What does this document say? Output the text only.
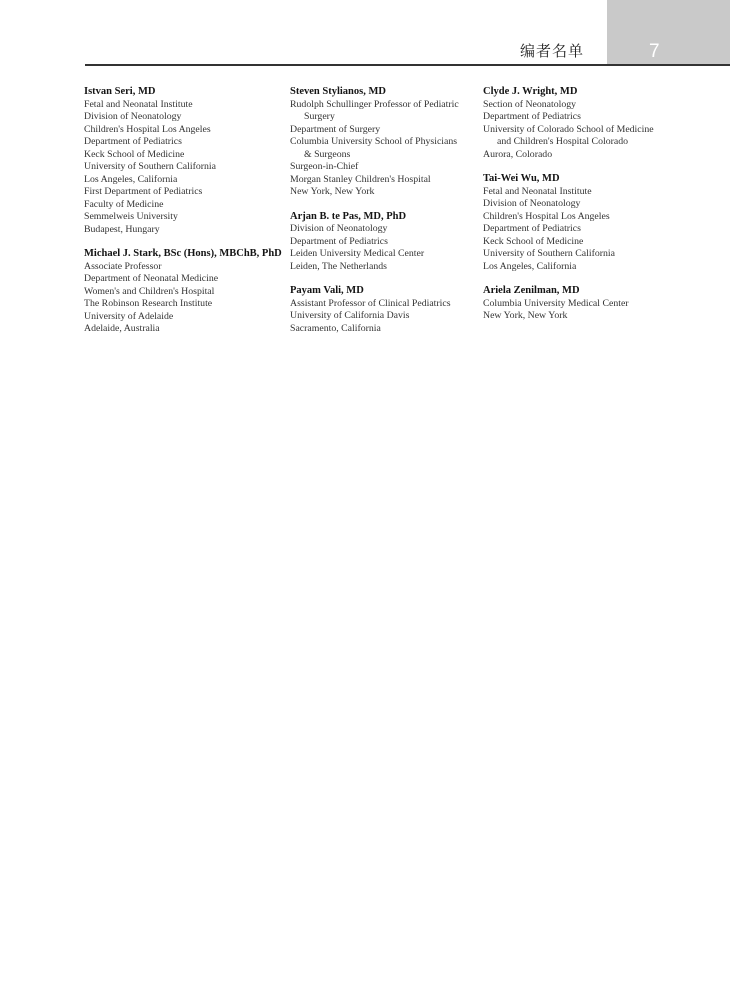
7
编者名单
Istvan Seri, MD
Fetal and Neonatal Institute
Division of Neonatology
Children's Hospital Los Angeles
Department of Pediatrics
Keck School of Medicine
University of Southern California
Los Angeles, California
First Department of Pediatrics
Faculty of Medicine
Semmelweis University
Budapest, Hungary
Michael J. Stark, BSc (Hons), MBChB, PhD
Associate Professor
Department of Neonatal Medicine
Women's and Children's Hospital
The Robinson Research Institute
University of Adelaide
Adelaide, Australia
Steven Stylianos, MD
Rudolph Schullinger Professor of Pediatric
Surgery
Department of Surgery
Columbia University School of Physicians
& Surgeons
Surgeon-in-Chief
Morgan Stanley Children's Hospital
New York, New York
Arjan B. te Pas, MD, PhD
Division of Neonatology
Department of Pediatrics
Leiden University Medical Center
Leiden, The Netherlands
Payam Vali, MD
Assistant Professor of Clinical Pediatrics
University of California Davis
Sacramento, California
Clyde J. Wright, MD
Section of Neonatology
Department of Pediatrics
University of Colorado School of Medicine
and Children's Hospital Colorado
Aurora, Colorado
Tai-Wei Wu, MD
Fetal and Neonatal Institute
Division of Neonatology
Children's Hospital Los Angeles
Department of Pediatrics
Keck School of Medicine
University of Southern California
Los Angeles, California
Ariela Zenilman, MD
Columbia University Medical Center
New York, New York
